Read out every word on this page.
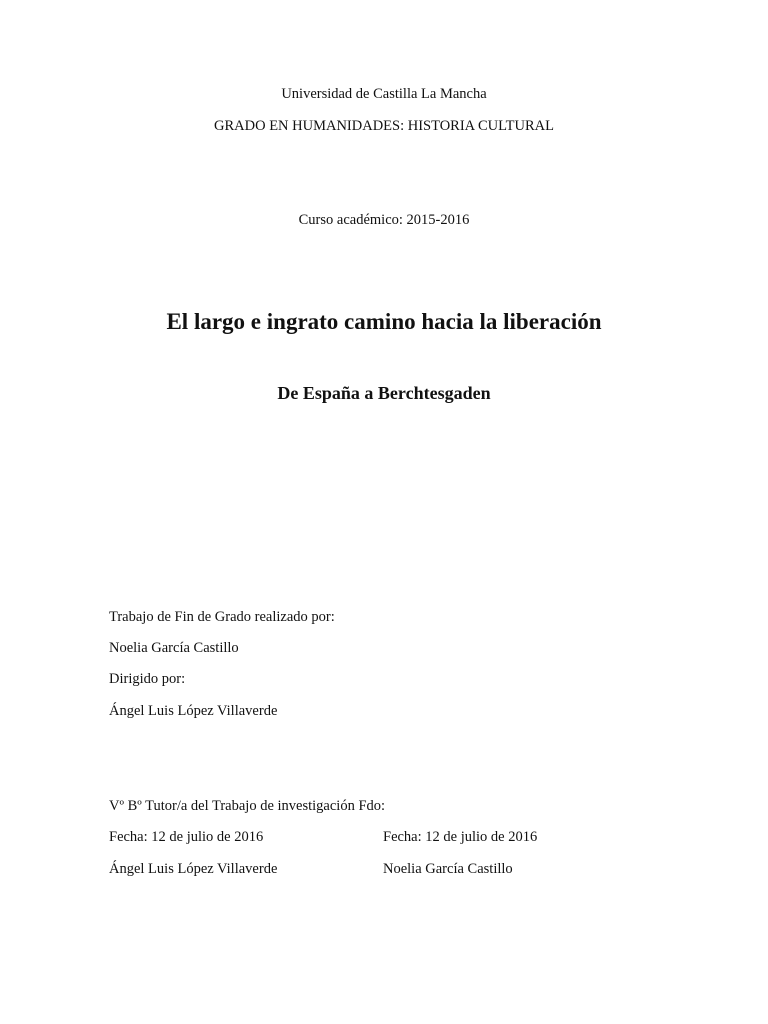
Universidad de Castilla La Mancha
GRADO EN HUMANIDADES: HISTORIA CULTURAL
Curso académico: 2015-2016
El largo e ingrato camino hacia la liberación
De España a Berchtesgaden
Trabajo de Fin de Grado realizado por:
Noelia García Castillo
Dirigido por:
Ángel Luis López Villaverde
Vº Bº Tutor/a del Trabajo de investigación Fdo:
Fecha: 12 de julio de 2016	Fecha: 12 de julio de 2016
Ángel Luis López Villaverde	Noelia García Castillo
